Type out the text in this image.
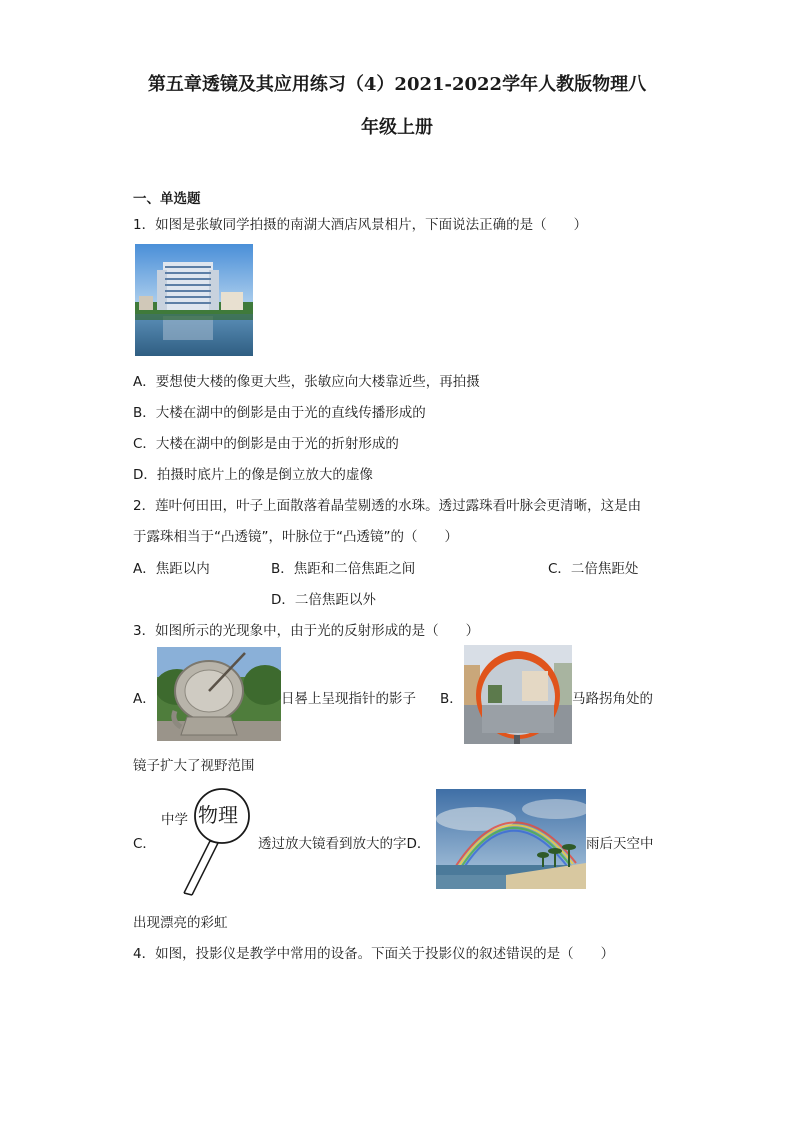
第五章透镜及其应用练习（4）2021-2022学年人教版物理八
年级上册
一、单选题
1．如图是张敏同学拍摄的南湖大酒店风景相片，下面说法正确的是（　　）
A．要想使大楼的像更大些，张敏应向大楼靠近些，再拍摄
B．大楼在湖中的倒影是由于光的直线传播形成的
C．大楼在湖中的倒影是由于光的折射形成的
D．拍摄时底片上的像是倒立放大的虚像
2．莲叶何田田，叶子上面散落着晶莹剔透的水珠。透过露珠看叶脉会更清晰，这是由
于露珠相当于“凸透镜”，叶脉位于“凸透镜”的（　　）
A．焦距以内	B．焦距和二倍焦距之间	C．二倍焦距处
D．二倍焦距以外
3．如图所示的光现象中，由于光的反射形成的是（　　）
A．	日晷上呈现指针的影子 B．	马路拐角处的
镜子扩大了视野范围
C．
中学 物理
透过放大镜看到放大的字D．	雨后天空中
出现漂亮的彩虹
4．如图，投影仪是教学中常用的设备。下面关于投影仪的叙述错误的是（　　）
